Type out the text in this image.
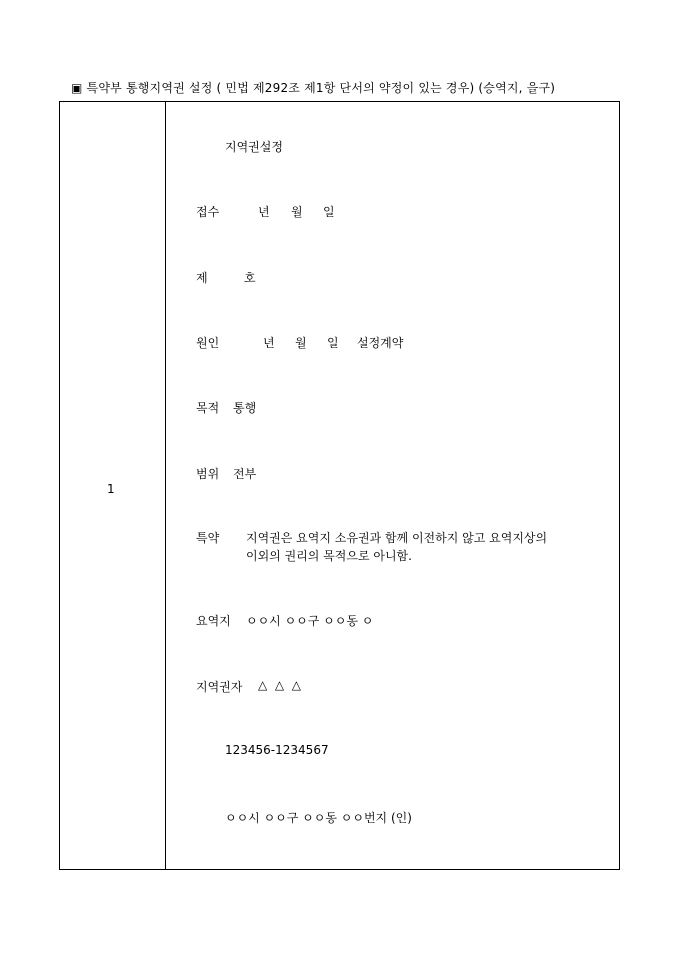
▣ 특약부 통행지역권 설정 ( 민법 제292조 제1항 단서의 약정이 있는 경우) (승역지, 을구)
1
지역권설정
접수	년 월 일
제	호
원인	년 월 일 설정계약
목적 통행
범위 전부
특약 지역권은 요역지 소유권과 함께 이전하지 않고 요역지상의
이외의 권리의 목적으로 아니함.
요역지 ㅇㅇ시 ㅇㅇ구 ㅇㅇ동 ㅇ
지역권자 △  △  △
123456-1234567
ㅇㅇ시 ㅇㅇ구 ㅇㅇ동 ㅇㅇ번지 (인)
